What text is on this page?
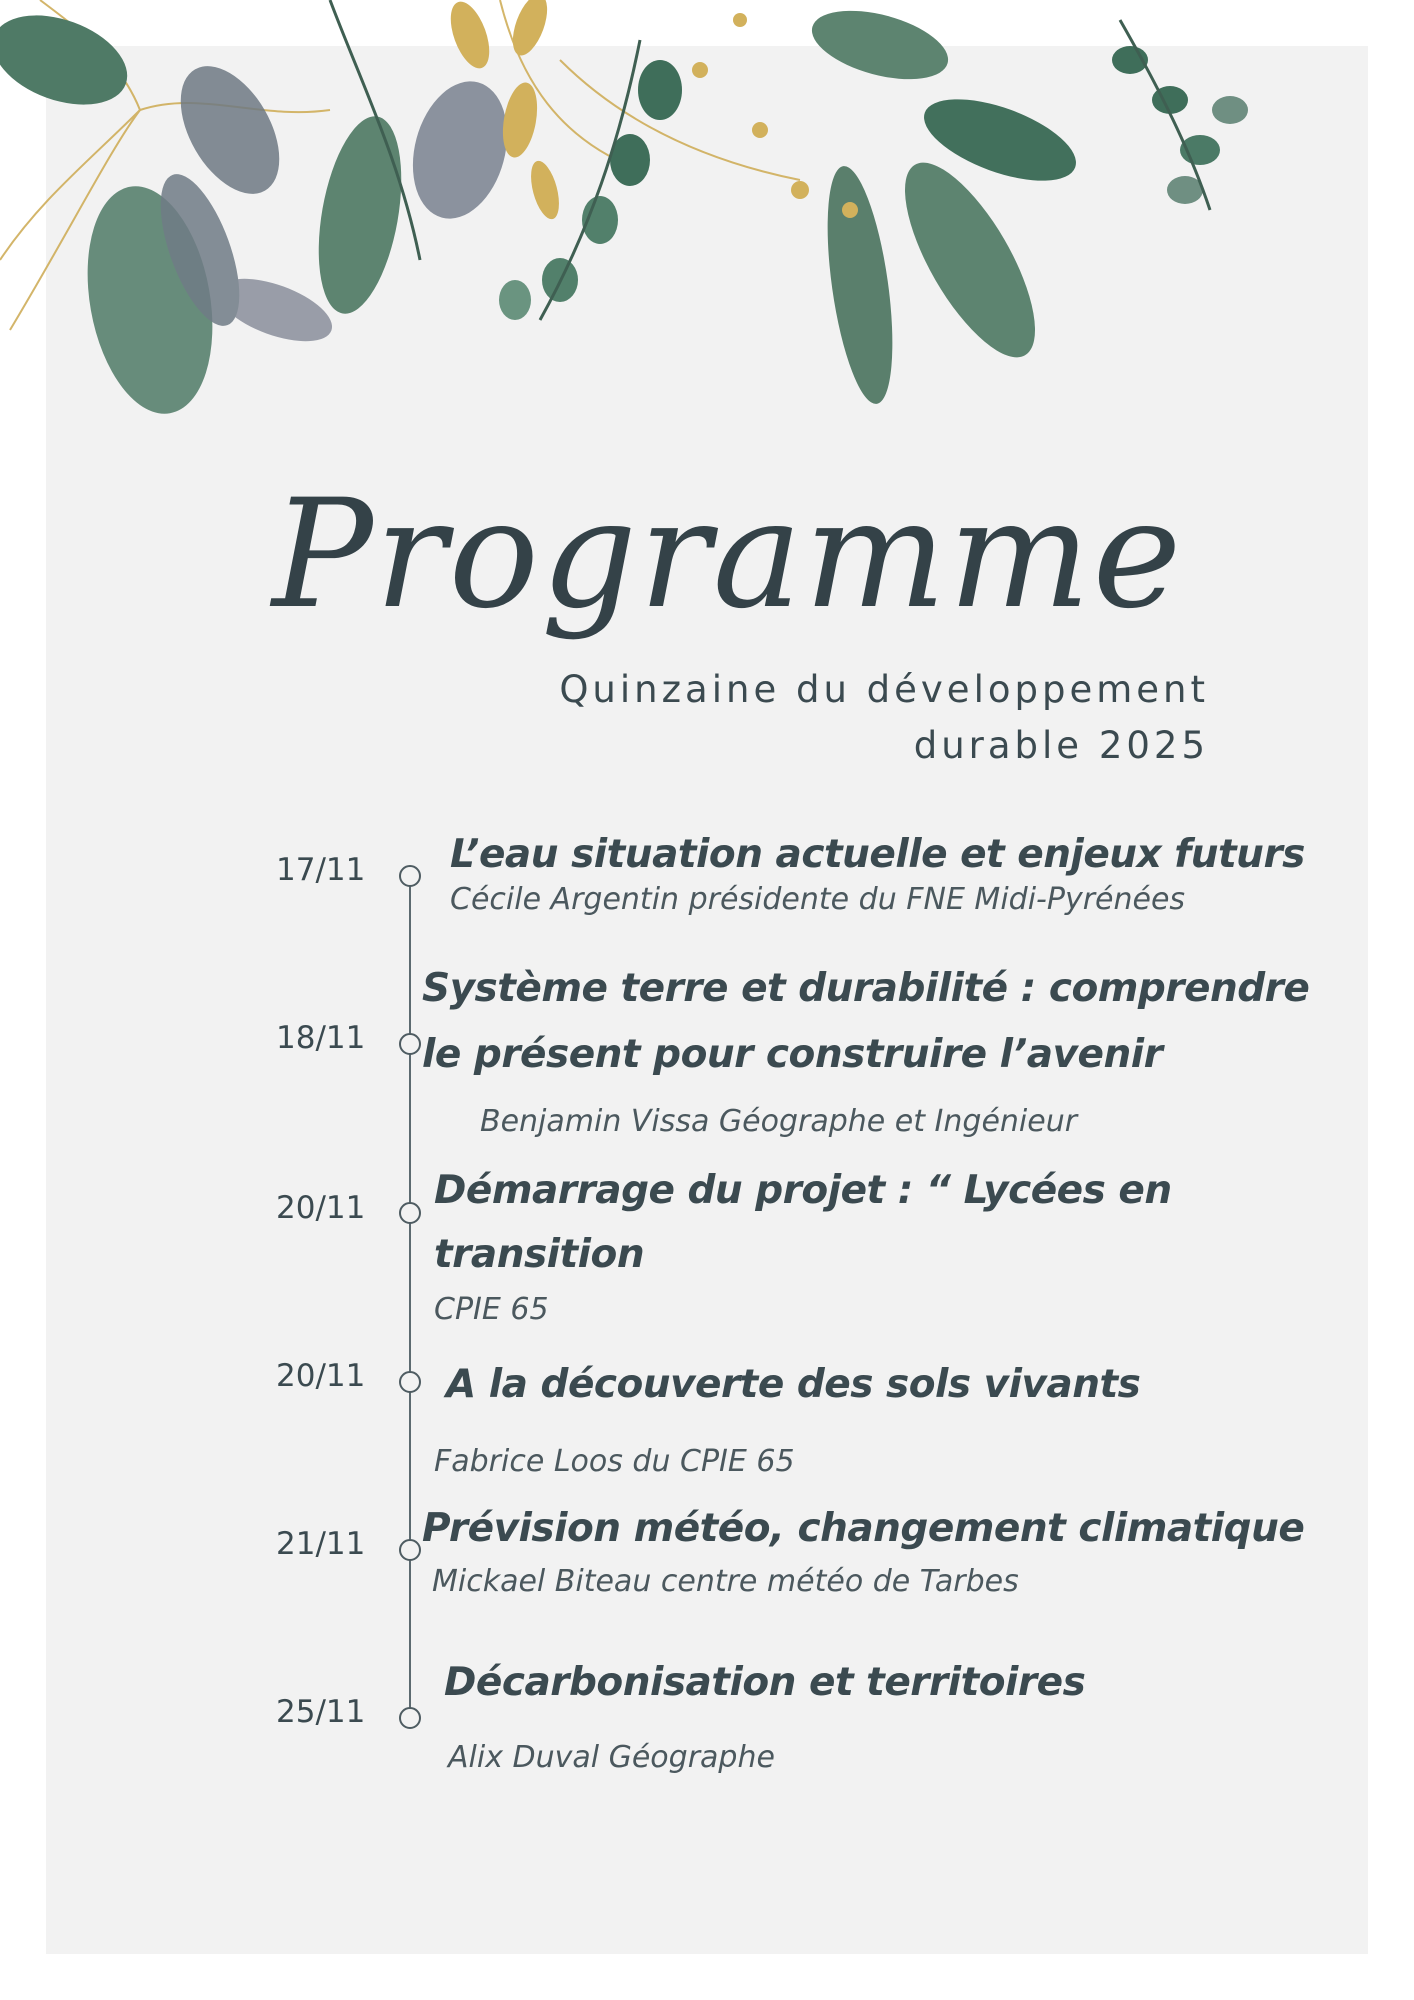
Programme
Quinzaine du développement
durable 2025
17/11 L’eau situation actuelle et enjeux futurs
Cécile Argentin présidente du FNE Midi-Pyrénées
18/11
Système terre et durabilité : comprendre
le présent pour construire l’avenir
Benjamin Vissa Géographe et Ingénieur
20/11 Démarrage du projet : “ Lycées en
transition
CPIE 65
20/11 A la découverte des sols vivants
Fabrice Loos du CPIE 65
21/11 Prévision météo, changement climatique
Mickael Biteau centre météo de Tarbes
25/11
Décarbonisation et territoires
Alix Duval Géographe
